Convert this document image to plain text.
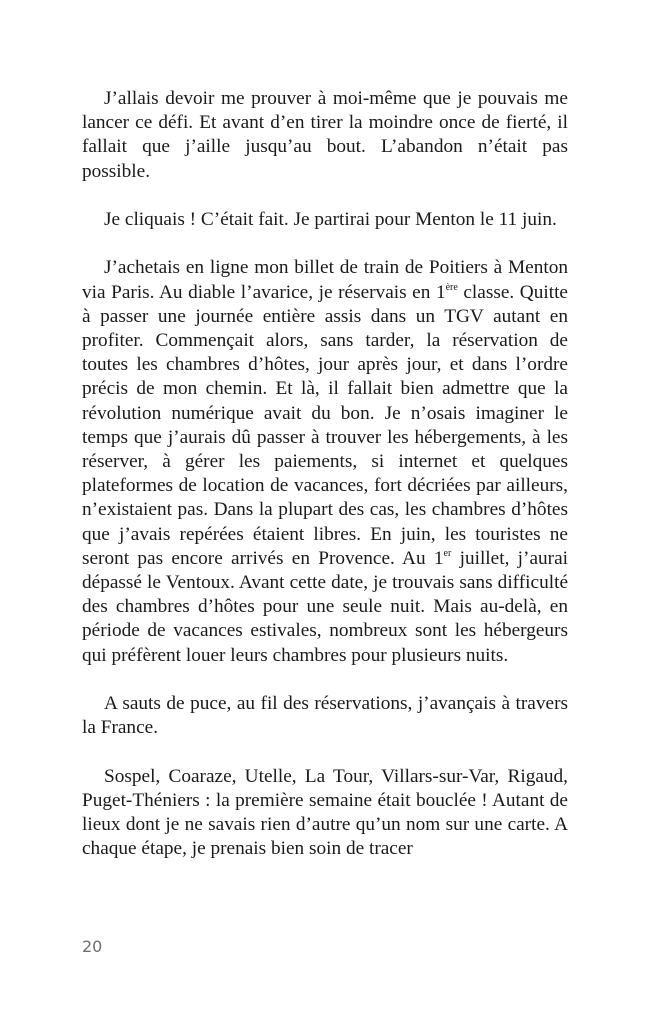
J’allais devoir me prouver à moi-même que je pouvais me lancer ce défi. Et avant d’en tirer la moindre once de fierté, il fallait que j’aille jusqu’au bout. L’abandon n’était pas possible.

Je cliquais ! C’était fait. Je partirai pour Menton le 11 juin.

J’achetais en ligne mon billet de train de Poitiers à Menton via Paris. Au diable l’avarice, je réservais en 1ère classe. Quitte à passer une journée entière assis dans un TGV autant en profiter. Commençait alors, sans tarder, la réservation de toutes les chambres d’hôtes, jour après jour, et dans l’ordre précis de mon chemin. Et là, il fallait bien admettre que la révolution numérique avait du bon. Je n’osais imaginer le temps que j’aurais dû passer à trouver les hébergements, à les réserver, à gérer les paiements, si internet et quelques plateformes de location de vacances, fort décriées par ailleurs, n’existaient pas. Dans la plupart des cas, les chambres d’hôtes que j’avais repérées étaient libres. En juin, les touristes ne seront pas encore arrivés en Provence. Au 1er juillet, j’aurai dépassé le Ventoux. Avant cette date, je trouvais sans difficulté des chambres d’hôtes pour une seule nuit. Mais au-delà, en période de vacances estivales, nombreux sont les hébergeurs qui préfèrent louer leurs chambres pour plusieurs nuits.

A sauts de puce, au fil des réservations, j’avançais à travers la France.

Sospel, Coaraze, Utelle, La Tour, Villars-sur-Var, Rigaud, Puget-Théniers : la première semaine était bouclée ! Autant de lieux dont je ne savais rien d’autre qu’un nom sur une carte. A chaque étape, je prenais bien soin de tracer

20
